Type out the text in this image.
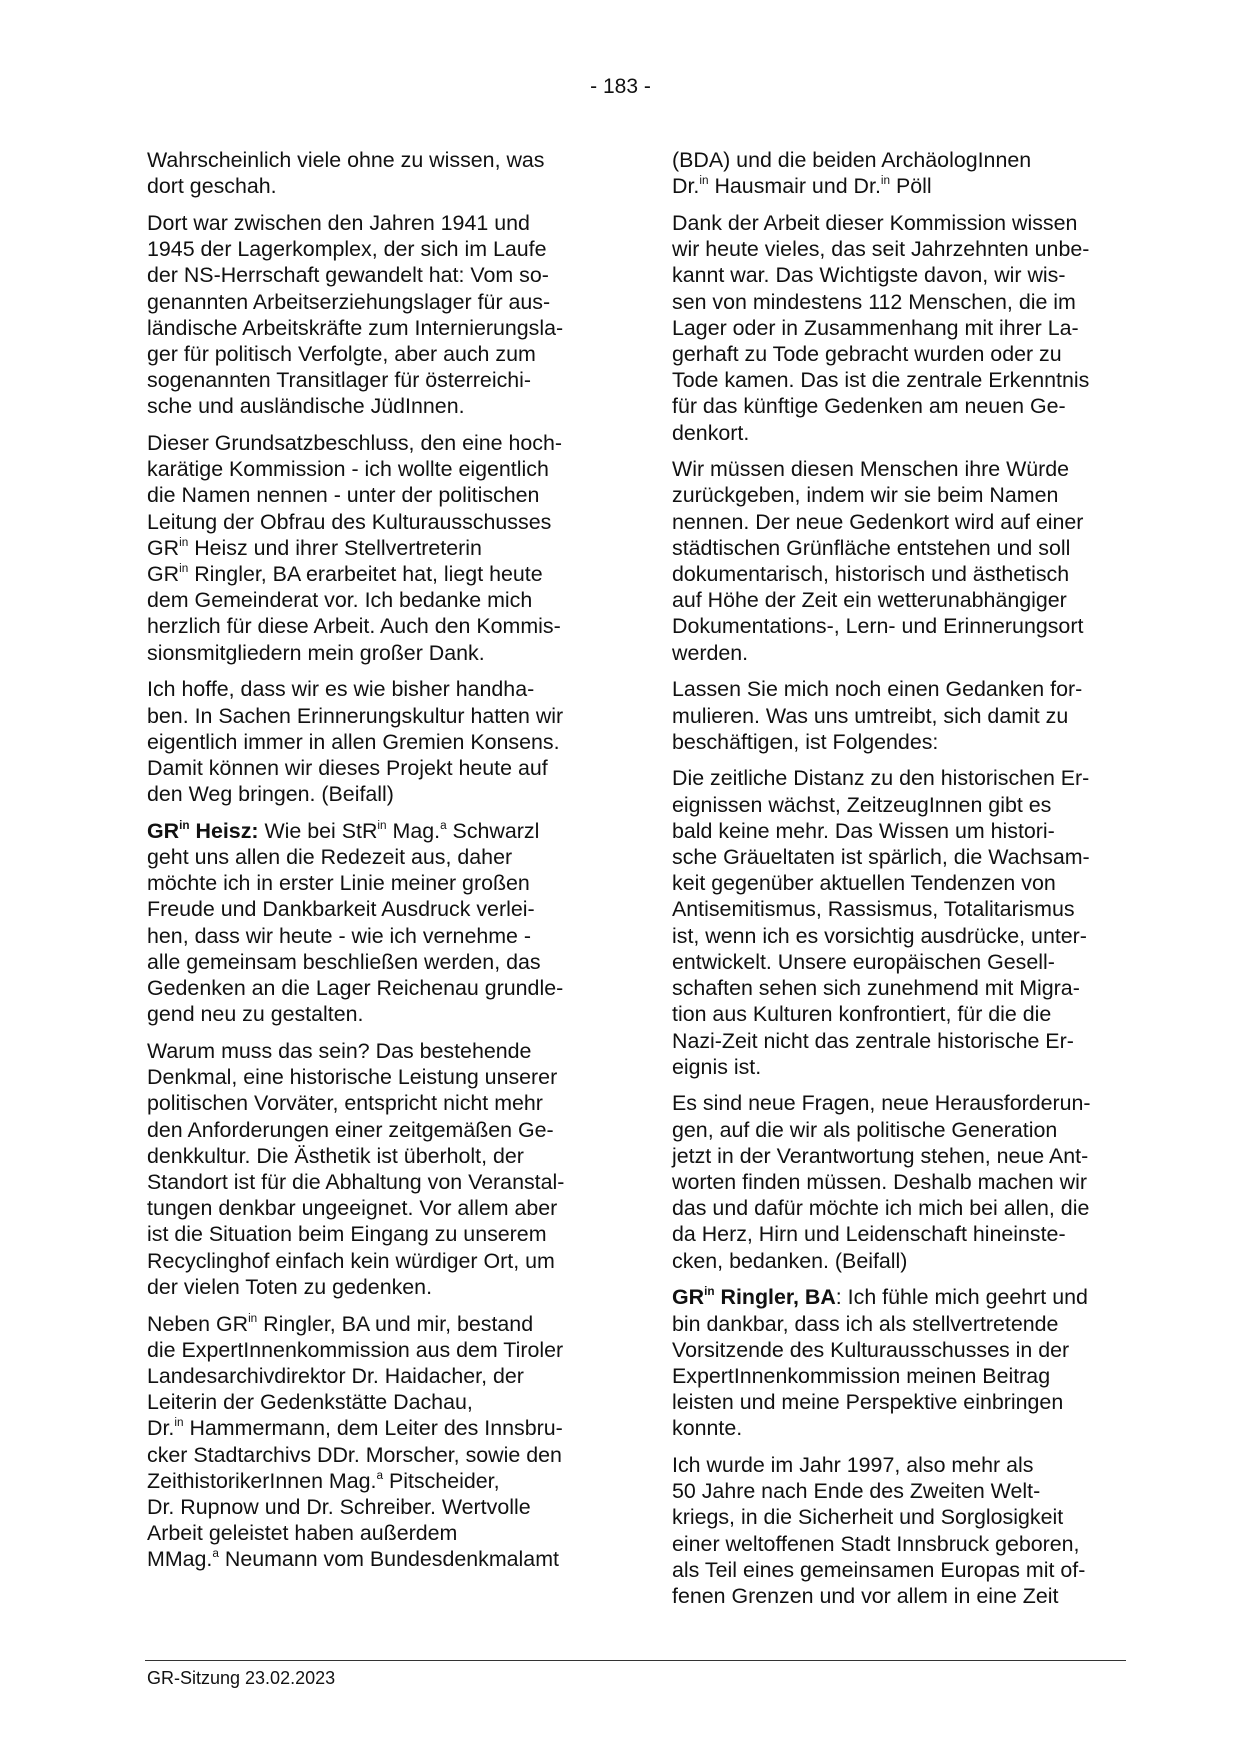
- 183 -

Wahrscheinlich viele ohne zu wissen, was
dort geschah.

Dort war zwischen den Jahren 1941 und
1945 der Lagerkomplex, der sich im Laufe
der NS-Herrschaft gewandelt hat: Vom so-
genannten Arbeitserziehungslager für aus-
ländische Arbeitskräfte zum Internierungsla-
ger für politisch Verfolgte, aber auch zum
sogenannten Transitlager für österreichi-
sche und ausländische JüdInnen.

Dieser Grundsatzbeschluss, den eine hoch-
karätige Kommission - ich wollte eigentlich
die Namen nennen - unter der politischen
Leitung der Obfrau des Kulturausschusses
$GR^{in}$ Heisz und ihrer Stellvertreterin
$GR^{in}$ Ringler, BA erarbeitet hat, liegt heute
dem Gemeinderat vor. Ich bedanke mich
herzlich für diese Arbeit. Auch den Kommis-
sionsmitgliedern mein großer Dank.

Ich hoffe, dass wir es wie bisher handha-
ben. In Sachen Erinnerungskultur hatten wir
eigentlich immer in allen Gremien Konsens.
Damit können wir dieses Projekt heute auf
den Weg bringen. (Beifall)

$GR^{in}$ Heisz: Wie bei StR$^{in}$ Mag.$^a$ Schwarzl
geht uns allen die Redezeit aus, daher
möchte ich in erster Linie meiner großen
Freude und Dankbarkeit Ausdruck verlei-
hen, dass wir heute - wie ich vernehme -
alle gemeinsam beschließen werden, das
Gedenken an die Lager Reichenau grundle-
gend neu zu gestalten.

Warum muss das sein? Das bestehende
Denkmal, eine historische Leistung unserer
politischen Vorväter, entspricht nicht mehr
den Anforderungen einer zeitgemäßen Ge-
denkkultur. Die Ästhetik ist überholt, der
Standort ist für die Abhaltung von Veranstal-
tungen denkbar ungeeignet. Vor allem aber
ist die Situation beim Eingang zu unserem
Recyclinghof einfach kein würdiger Ort, um
der vielen Toten zu gedenken.

Neben $GR^{in}$ Ringler, BA und mir, bestand
die ExpertInnenkommission aus dem Tiroler
Landesarchivdirektor Dr. Haidacher, der
Leiterin der Gedenkstätte Dachau,
Dr.$^{in}$ Hammermann, dem Leiter des Innsbru-
cker Stadtarchivs DDr. Morscher, sowie den
ZeithistorikerInnen Mag.$^a$ Pitscheider,
Dr. Rupnow und Dr. Schreiber. Wertvolle
Arbeit geleistet haben außerdem
MMag.$^a$ Neumann vom Bundesdenkmalamt

(BDA) und die beiden ArchäologInnen
Dr.$^{in}$ Hausmair und Dr.$^{in}$ Pöll

Dank der Arbeit dieser Kommission wissen
wir heute vieles, das seit Jahrzehnten unbe-
kannt war. Das Wichtigste davon, wir wis-
sen von mindestens 112 Menschen, die im
Lager oder in Zusammenhang mit ihrer La-
gerhaft zu Tode gebracht wurden oder zu
Tode kamen. Das ist die zentrale Erkenntnis
für das künftige Gedenken am neuen Ge-
denkort.

Wir müssen diesen Menschen ihre Würde
zurückgeben, indem wir sie beim Namen
nennen. Der neue Gedenkort wird auf einer
städtischen Grünfläche entstehen und soll
dokumentarisch, historisch und ästhetisch
auf Höhe der Zeit ein wetterunabhängiger
Dokumentations-, Lern- und Erinnerungsort
werden.

Lassen Sie mich noch einen Gedanken for-
mulieren. Was uns umtreibt, sich damit zu
beschäftigen, ist Folgendes:

Die zeitliche Distanz zu den historischen Er-
eignissen wächst, ZeitzeugInnen gibt es
bald keine mehr. Das Wissen um histori-
sche Gräueltaten ist spärlich, die Wachsam-
keit gegenüber aktuellen Tendenzen von
Antisemitismus, Rassismus, Totalitarismus
ist, wenn ich es vorsichtig ausdrücke, unter-
entwickelt. Unsere europäischen Gesell-
schaften sehen sich zunehmend mit Migra-
tion aus Kulturen konfrontiert, für die die
Nazi-Zeit nicht das zentrale historische Er-
eignis ist.

Es sind neue Fragen, neue Herausforderun-
gen, auf die wir als politische Generation
jetzt in der Verantwortung stehen, neue Ant-
worten finden müssen. Deshalb machen wir
das und dafür möchte ich mich bei allen, die
da Herz, Hirn und Leidenschaft hineinste-
cken, bedanken. (Beifall)

$GR^{in}$ Ringler, BA: Ich fühle mich geehrt und
bin dankbar, dass ich als stellvertretende
Vorsitzende des Kulturausschusses in der
ExpertInnenkommission meinen Beitrag
leisten und meine Perspektive einbringen
konnte.

Ich wurde im Jahr 1997, also mehr als
50 Jahre nach Ende des Zweiten Welt-
kriegs, in die Sicherheit und Sorglosigkeit
einer weltoffenen Stadt Innsbruck geboren,
als Teil eines gemeinsamen Europas mit of-
fenen Grenzen und vor allem in eine Zeit

GR-Sitzung 23.02.2023
